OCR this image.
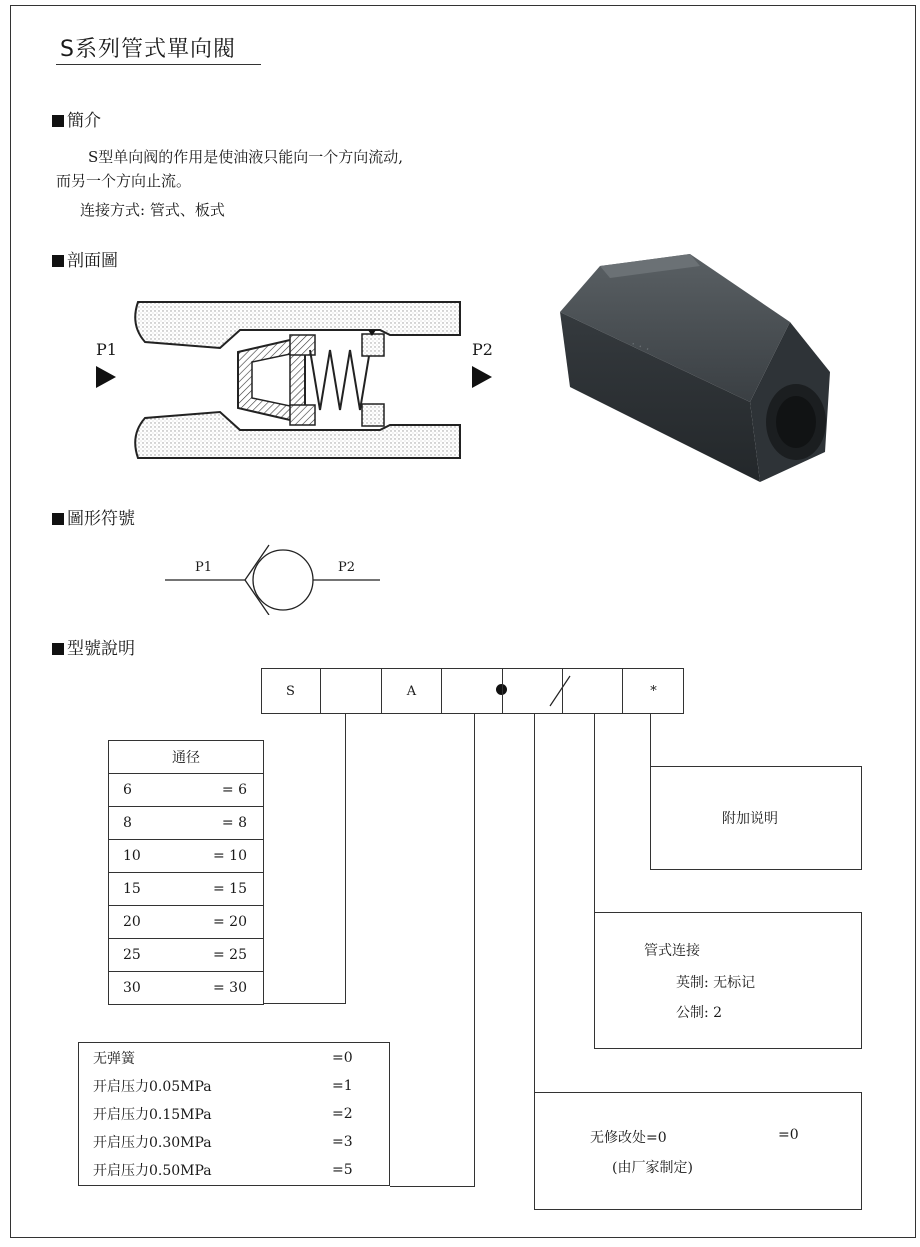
S系列管式單向閥
簡介
S型单向阀的作用是使油液只能向一个方向流动,
而另一个方向止流。
连接方式: 管式、板式
剖面圖
P1	P2	· · ·
圖形符號
P1	P2
型號說明
S	A	*
通径
6	= 6

8	= 8

10	= 10

15	= 15

20	= 20

25	= 25

30	= 30
无弹簧	=0
开启压力0.05MPa	=1
开启压力0.15MPa	=2
开启压力0.30MPa	=3
开启压力0.50MPa	=5
附加说明
管式连接
英制: 无标记
公制: 2
无修改处=0	=0
(由厂家制定)
